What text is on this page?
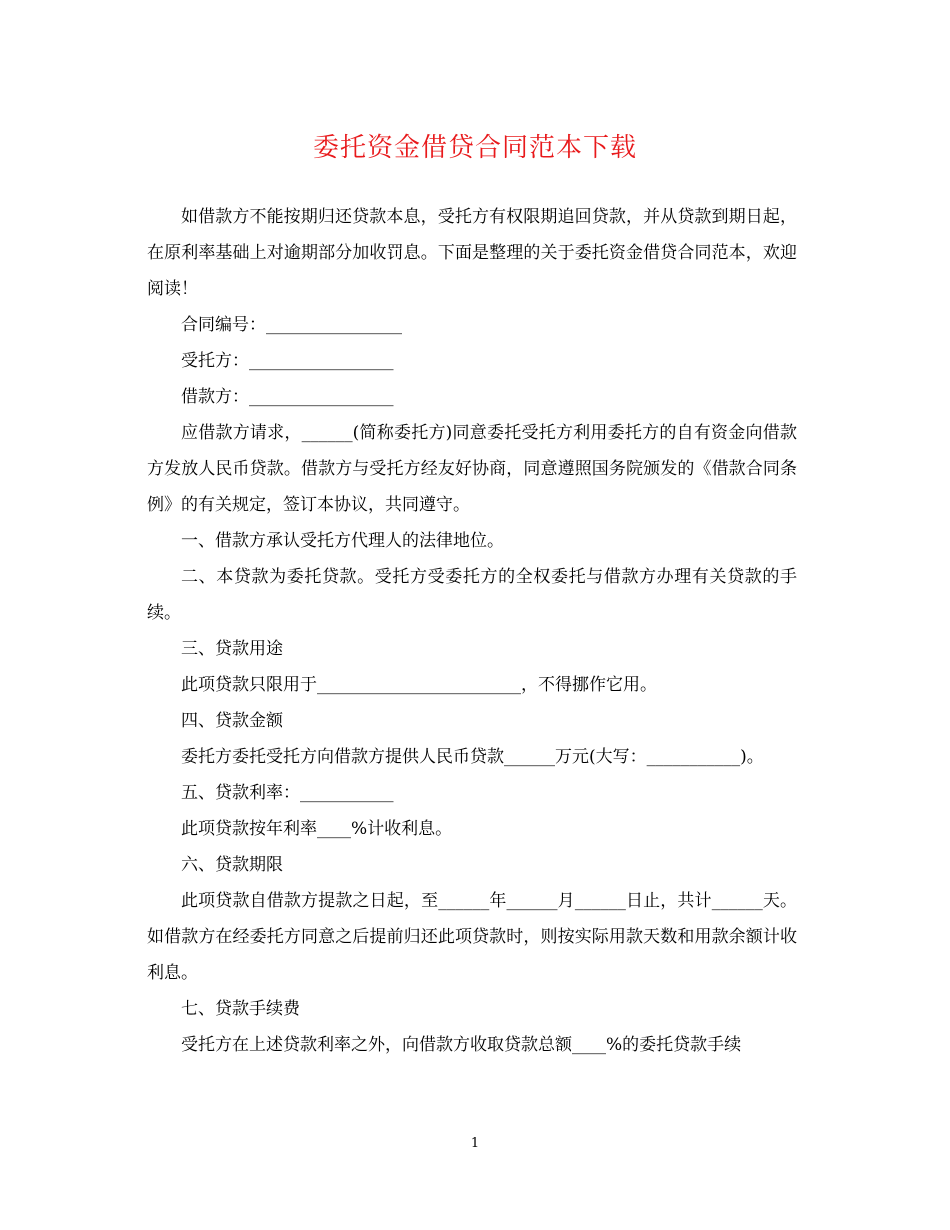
委托资金借贷合同范本下载

如借款方不能按期归还贷款本息，受托方有权限期追回贷款，并从贷款到期日起，在原利率基础上对逾期部分加收罚息。下面是整理的关于委托资金借贷合同范本，欢迎阅读！

合同编号：________________

受托方：_________________

借款方：_________________

应借款方请求，______(简称委托方)同意委托受托方利用委托方的自有资金向借款方发放人民币贷款。借款方与受托方经友好协商，同意遵照国务院颁发的《借款合同条例》的有关规定，签订本协议，共同遵守。

一、借款方承认受托方代理人的法律地位。

二、本贷款为委托贷款。受托方受委托方的全权委托与借款方办理有关贷款的手续。

三、贷款用途

此项贷款只限用于________________________，不得挪作它用。

四、贷款金额

委托方委托受托方向借款方提供人民币贷款______万元(大写：___________)。

五、贷款利率：___________

此项贷款按年利率____%计收利息。

六、贷款期限

此项贷款自借款方提款之日起，至______年______月______日止，共计______天。如借款方在经委托方同意之后提前归还此项贷款时，则按实际用款天数和用款余额计收利息。

七、贷款手续费

受托方在上述贷款利率之外，向借款方收取贷款总额____%的委托贷款手续

1
